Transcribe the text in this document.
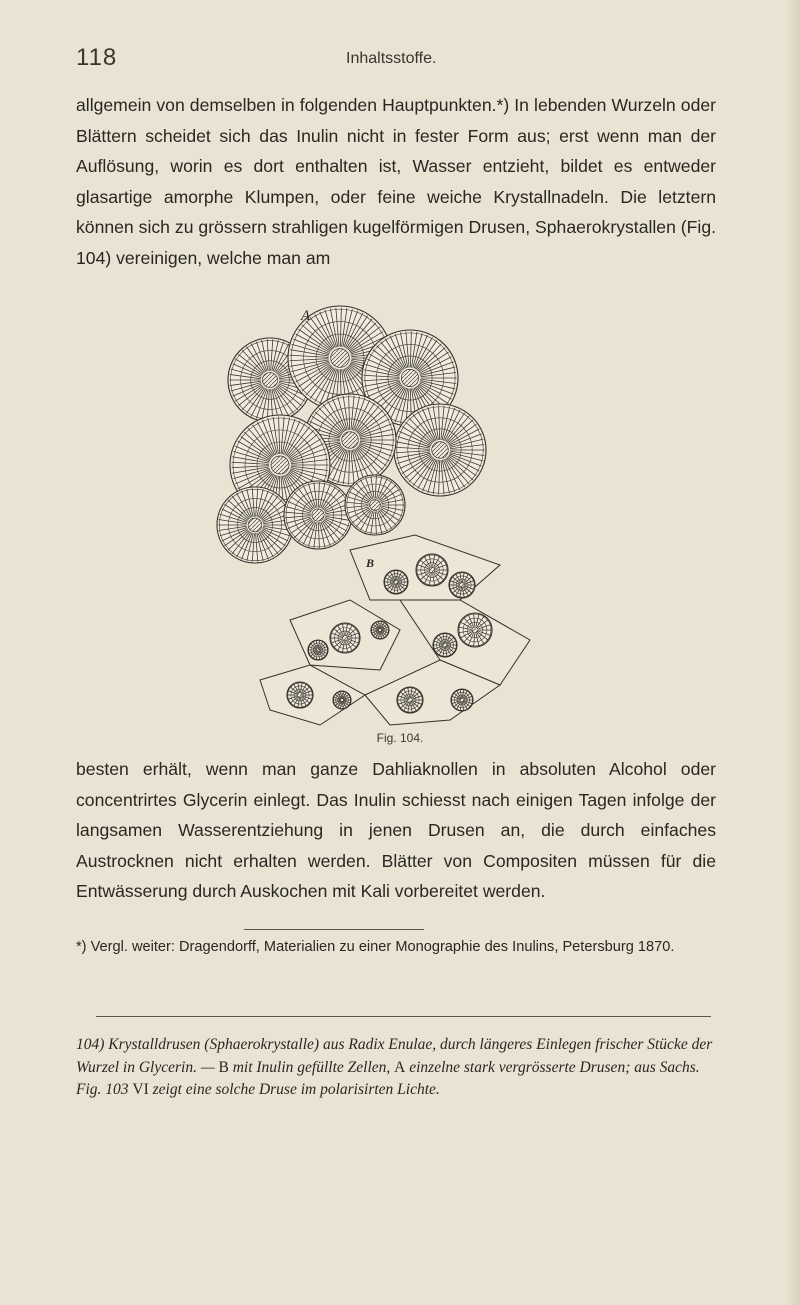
118	Inhaltsstoffe.

allgemein von demselben in folgenden Hauptpunkten.*) In lebenden Wurzeln oder Blättern scheidet sich das Inulin nicht in fester Form aus; erst wenn man der Auflösung, worin es dort enthalten ist, Wasser entzieht, bildet es entweder glasartige amorphe Klumpen, oder feine weiche Krystallnadeln. Die letztern können sich zu grössern strahligen kugelförmigen Drusen, Sphaerokrystallen (Fig. 104) vereinigen, welche man am

A
B
Fig. 104.

besten erhält, wenn man ganze Dahliaknollen in absoluten Alcohol oder concentrirtes Glycerin einlegt. Das Inulin schiesst nach einigen Tagen infolge der langsamen Wasserentziehung in jenen Drusen an, die durch einfaches Austrocknen nicht erhalten werden. Blätter von Compositen müssen für die Entwässerung durch Auskochen mit Kali vorbereitet werden.

*) Vergl. weiter: Dragendorff, Materialien zu einer Monographie des Inulins, Petersburg 1870.

104) Krystalldrusen (Sphaerokrystalle) aus Radix Enulae, durch längeres Einlegen frischer Stücke der Wurzel in Glycerin. — B mit Inulin gefüllte Zellen, A einzelne stark vergrösserte Drusen; aus Sachs. Fig. 103 VI zeigt eine solche Druse im polarisirten Lichte.
